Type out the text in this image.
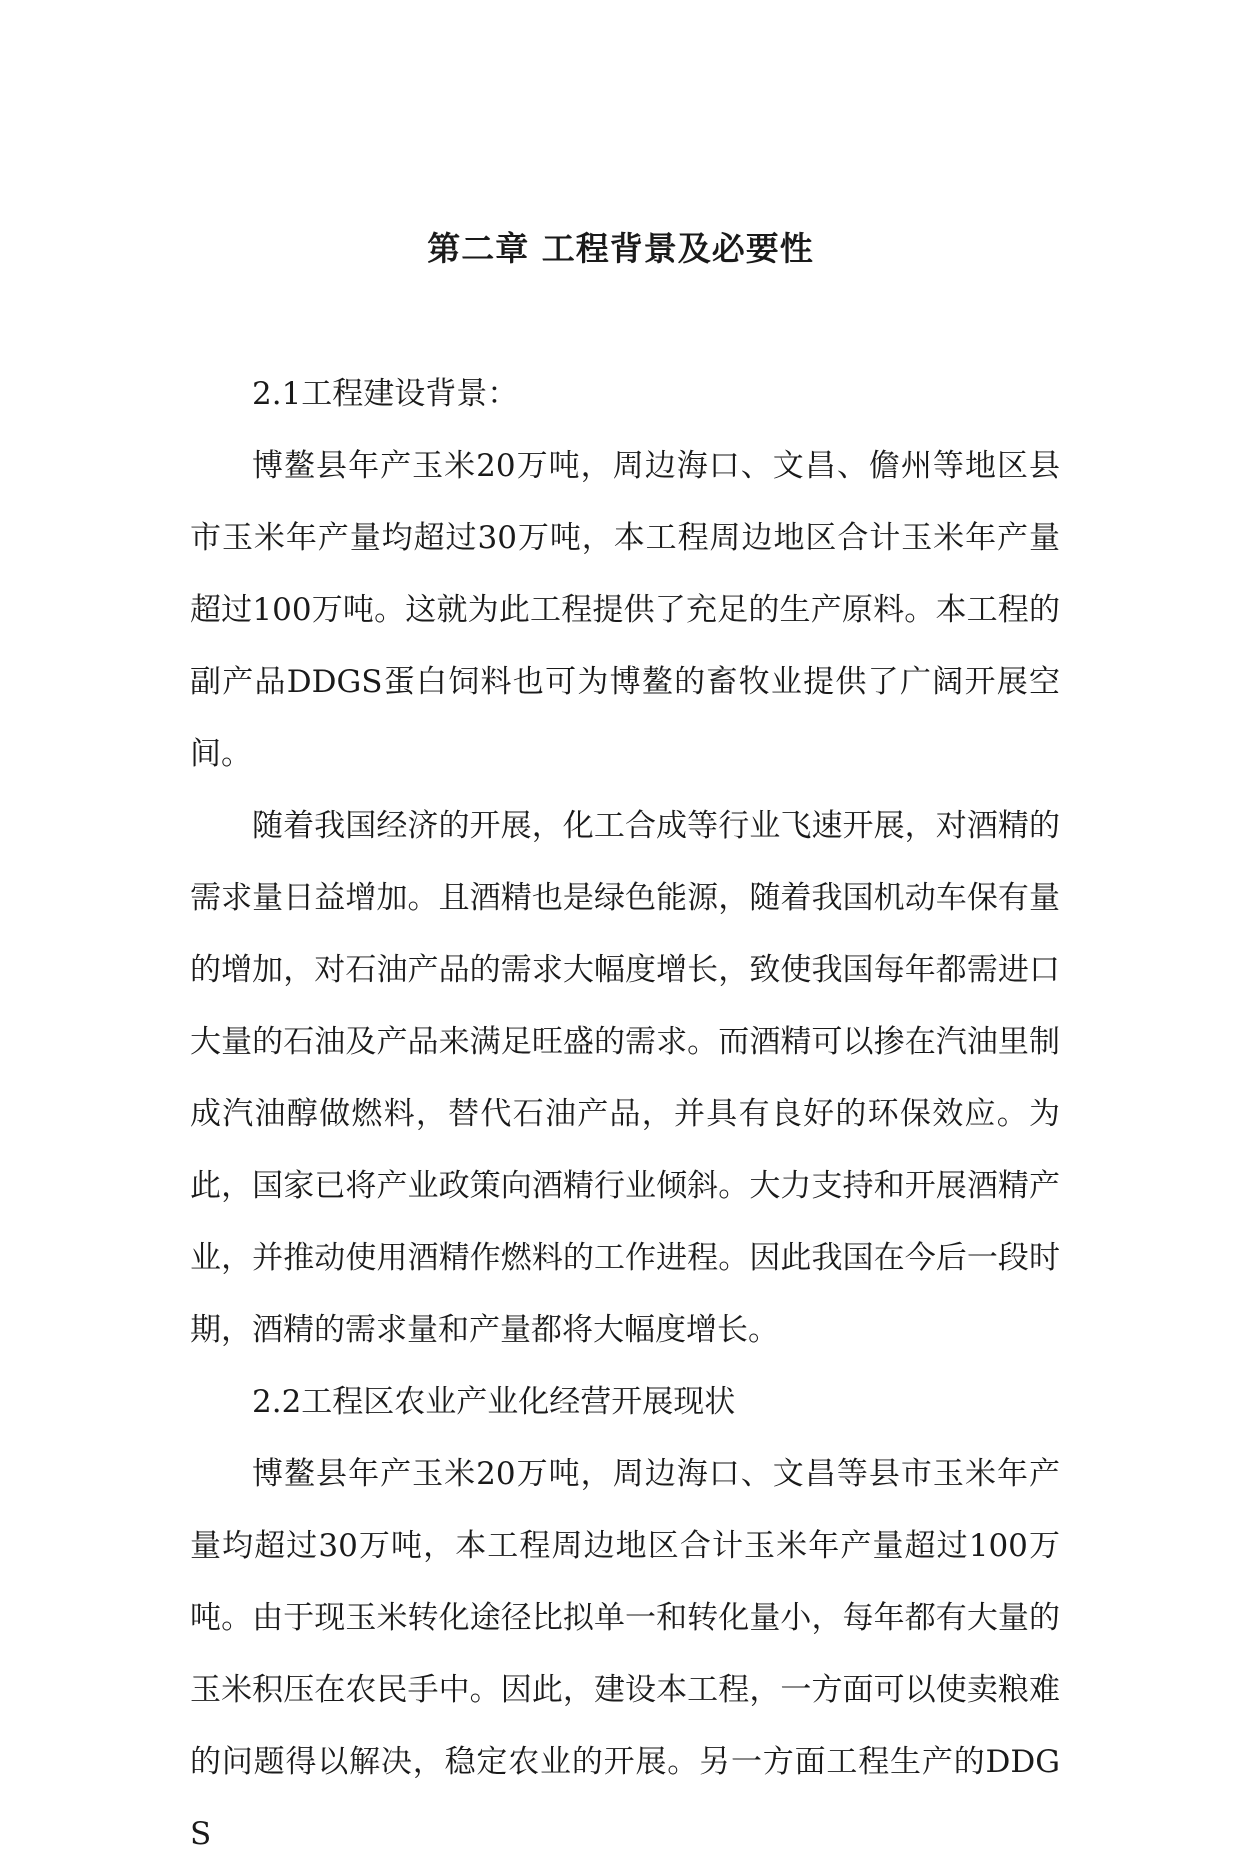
第二章 工程背景及必要性

2.1工程建设背景：

博鳌县年产玉米20万吨，周边海口、文昌、儋州等地区县市玉米年产量均超过30万吨，本工程周边地区合计玉米年产量超过100万吨。这就为此工程提供了充足的生产原料。本工程的副产品DDGS蛋白饲料也可为博鳌的畜牧业提供了广阔开展空间。

随着我国经济的开展，化工合成等行业飞速开展，对酒精的需求量日益增加。且酒精也是绿色能源，随着我国机动车保有量的增加，对石油产品的需求大幅度增长，致使我国每年都需进口大量的石油及产品来满足旺盛的需求。而酒精可以掺在汽油里制成汽油醇做燃料，替代石油产品，并具有良好的环保效应。为此，国家已将产业政策向酒精行业倾斜。大力支持和开展酒精产业，并推动使用酒精作燃料的工作进程。因此我国在今后一段时期，酒精的需求量和产量都将大幅度增长。

2.2工程区农业产业化经营开展现状

博鳌县年产玉米20万吨，周边海口、文昌等县市玉米年产量均超过30万吨，本工程周边地区合计玉米年产量超过100万吨。由于现玉米转化途径比拟单一和转化量小，每年都有大量的玉米积压在农民手中。因此，建设本工程，一方面可以使卖粮难的问题得以解决，稳定农业的开展。另一方面工程生产的DDGS
